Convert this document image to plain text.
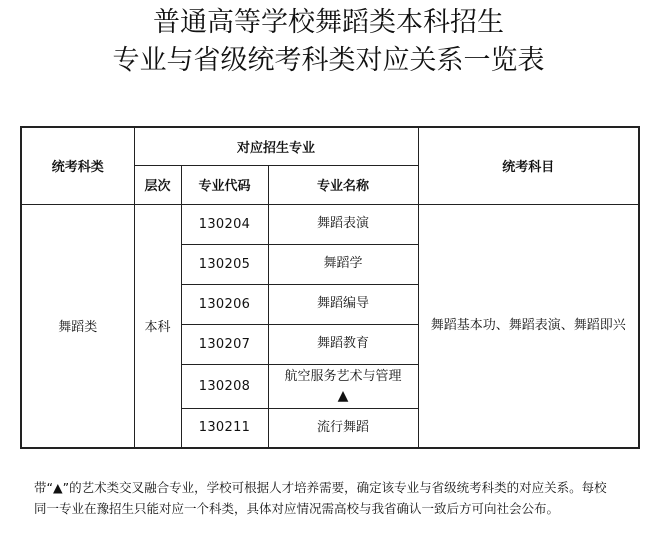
普通高等学校舞蹈类本科招生
专业与省级统考科类对应关系一览表
统考科类	对应招生专业			统考科目
	层次	专业代码	专业名称	
舞蹈类	本科	130204	舞蹈表演	舞蹈基本功、舞蹈表演、舞蹈即兴
		130205	舞蹈学	
		130206	舞蹈编导	
		130207	舞蹈教育	
		130208	航空服务艺术与管理
▲	

		130211	流行舞蹈	
带“▲”的艺术类交叉融合专业，学校可根据人才培养需要，确定该专业与省级统考科类的对应关系。每校同一专业在豫招生只能对应一个科类，具体对应情况需高校与我省确认一致后方可向社会公布。
